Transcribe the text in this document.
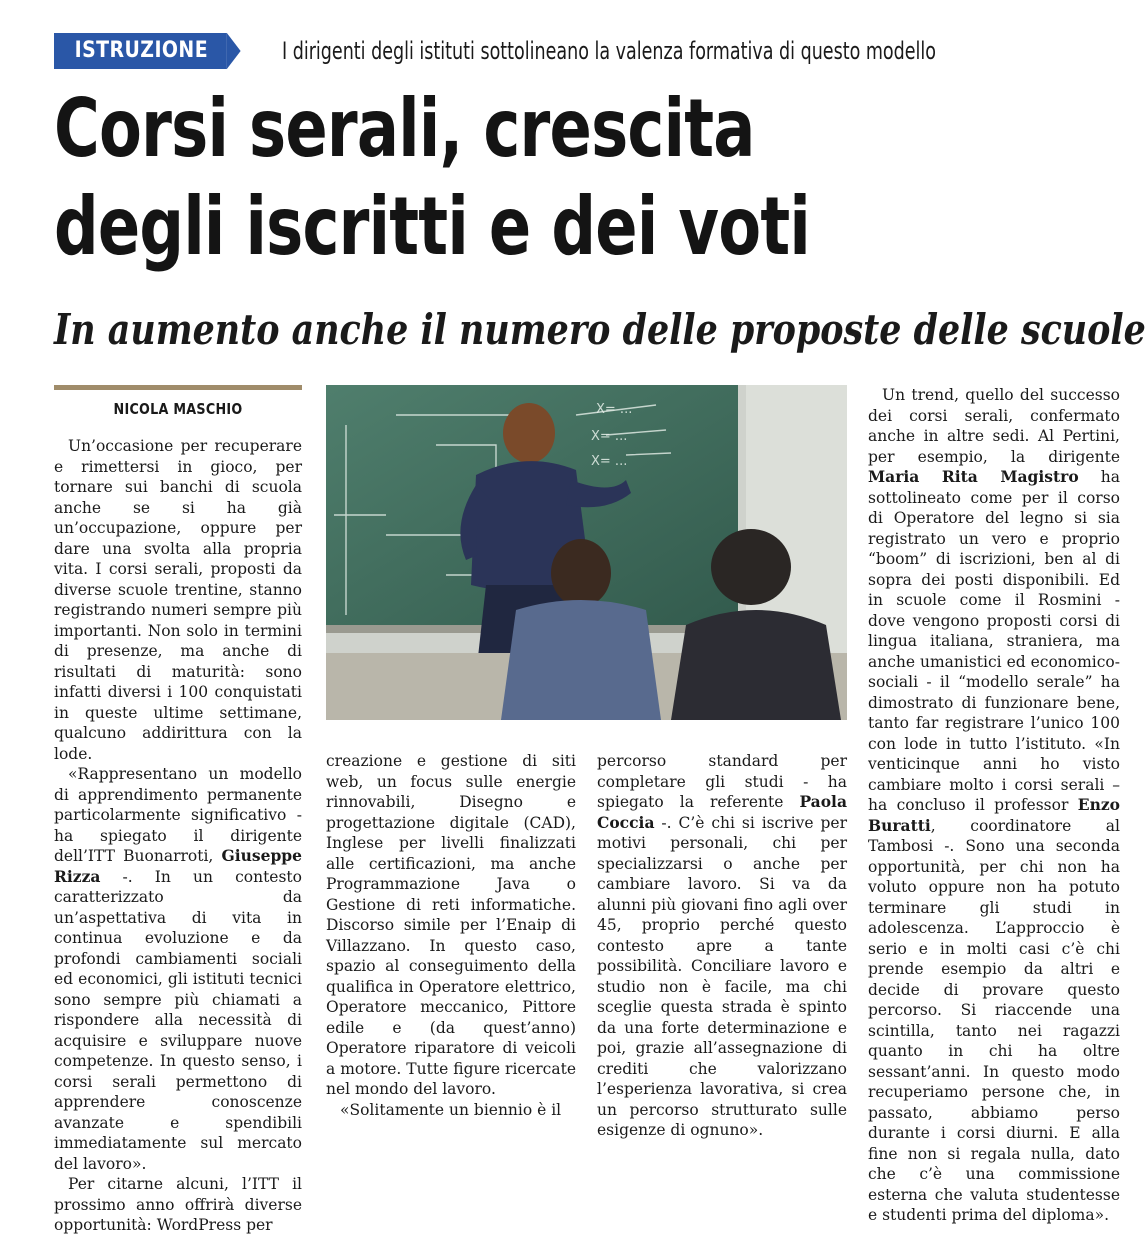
ISTRUZIONE	I dirigenti degli istituti sottolineano la valenza formativa di questo modello
Corsi serali, crescita
degli iscritti e dei voti
In aumento anche il numero delle proposte delle scuole
NICOLA MASCHIO	X= ...
X= ...
X= ...

Un’occasione per recuperare e rimettersi in gioco, per tornare sui banchi di scuola anche se si ha già un’occupazione, oppure per dare una svolta alla propria vita. I corsi serali, proposti da diverse scuole trentine, stanno registrando numeri sempre più importanti. Non solo in termini di presenze, ma anche di risultati di maturità: sono infatti diversi i 100 conquistati in queste ultime settimane, qualcuno addirittura con la lode.

«Rappresentano un modello di apprendimento permanente particolarmente significativo - ha spiegato il dirigente dell’ITT Buonarroti, Giuseppe Rizza -. In un contesto caratterizzato da un’aspettativa di vita in continua evoluzione e da profondi cambiamenti sociali ed economici, gli istituti tecnici sono sempre più chiamati a rispondere alla necessità di acquisire e sviluppare nuove competenze. In questo senso, i corsi serali permettono di apprendere conoscenze avanzate e spendibili immediatamente sul mercato del lavoro».

Per citarne alcuni, l’ITT il prossimo anno offrirà diverse opportunità: WordPress per

creazione e gestione di siti web, un focus sulle energie rinnovabili, Disegno e progettazione digitale (CAD), Inglese per livelli finalizzati alle certificazioni, ma anche Programmazione Java o Gestione di reti informatiche. Discorso simile per l’Enaip di Villazzano. In questo caso, spazio al conseguimento della qualifica in Operatore elettrico, Operatore meccanico, Pittore edile e (da quest’anno) Operatore riparatore di veicoli a motore. Tutte figure ricercate nel mondo del lavoro.

«Solitamente un biennio è il

percorso standard per completare gli studi - ha spiegato la referente Paola Coccia -. C’è chi si iscrive per motivi personali, chi per specializzarsi o anche per cambiare lavoro. Si va da alunni più giovani fino agli over 45, proprio perché questo contesto apre a tante possibilità. Conciliare lavoro e studio non è facile, ma chi sceglie questa strada è spinto da una forte determinazione e poi, grazie all’assegnazione di crediti che valorizzano l’esperienza lavorativa, si crea un percorso strutturato sulle esigenze di ognuno».

Un trend, quello del successo dei corsi serali, confermato anche in altre sedi. Al Pertini, per esempio, la dirigente Maria Rita Magistro ha sottolineato come per il corso di Operatore del legno si sia registrato un vero e proprio “boom” di iscrizioni, ben al di sopra dei posti disponibili. Ed in scuole come il Rosmini - dove vengono proposti corsi di lingua italiana, straniera, ma anche umanistici ed economico-sociali - il “modello serale” ha dimostrato di funzionare bene, tanto far registrare l’unico 100 con lode in tutto l’istituto. «In venticinque anni ho visto cambiare molto i corsi serali – ha concluso il professor Enzo Buratti, coordinatore al Tambosi -. Sono una seconda opportunità, per chi non ha voluto oppure non ha potuto terminare gli studi in adolescenza. L’approccio è serio e in molti casi c’è chi prende esempio da altri e decide di provare questo percorso. Si riaccende una scintilla, tanto nei ragazzi quanto in chi ha oltre sessant’anni. In questo modo recuperiamo persone che, in passato, abbiamo perso durante i corsi diurni. E alla fine non si regala nulla, dato che c’è una commissione esterna che valuta studentesse e studenti prima del diploma».
